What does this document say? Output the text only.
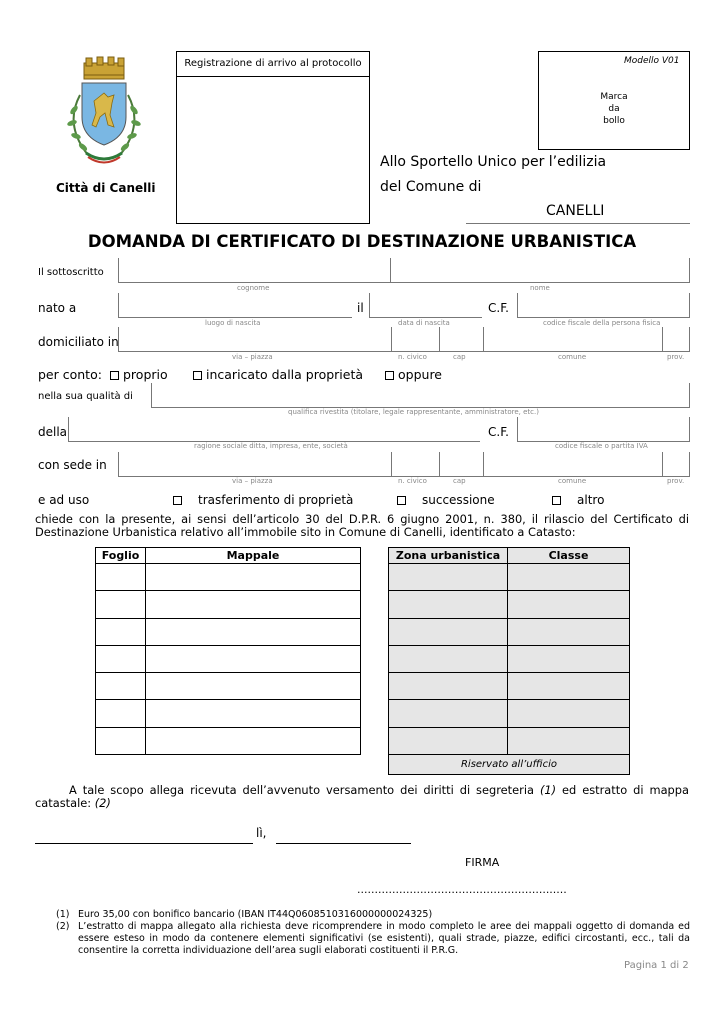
Città di Canelli
Registrazione di arrivo al protocollo	Modello V01
Marca
da
bollo
Allo Sportello Unico per l’edilizia
del Comune di
CANELLI
DOMANDA DI CERTIFICATO DI DESTINAZIONE URBANISTICA
Il sottoscritto
cognome	nome
nato a	il	C.F.
luogo di nascita	data di nascita	codice fiscale della persona fisica
domiciliato in
via – piazza	n. civico	cap	comune	prov.
per conto:	proprio	incaricato dalla proprietà	oppure
nella sua qualità di
qualifica rivestita (titolare, legale rappresentante, amministratore, etc.)
della	C.F.
ragione sociale ditta, impresa, ente, società	codice fiscale o partita IVA
con sede in
via – piazza	n. civico	cap	comune	prov.
e ad uso	trasferimento di proprietà	successione	altro
chiede con la presente, ai sensi dell’articolo 30 del D.P.R. 6 giugno 2001, n. 380, il rilascio del Certificato di Destinazione Urbanistica relativo all’immobile sito in Comune di Canelli, identificato a Catasto:
Foglio	Mappale

		Zona urbanistica	Classe

Riservato all’ufficio	
A tale scopo allega ricevuta dell’avvenuto versamento dei diritti di segreteria (1) ed estratto di mappa catastale: (2)
lì,
FIRMA
............................................................
(1) Euro 35,00 con bonifico bancario (IBAN IT44Q0608510316000000024325)
(2) L’estratto di mappa allegato alla richiesta deve ricomprendere in modo completo le aree dei mappali oggetto di domanda ed essere esteso in modo da contenere elementi significativi (se esistenti), quali strade, piazze, edifici circostanti, ecc., tali da consentire la corretta individuazione dell’area sugli elaborati costituenti il P.R.G.
Pagina 1 di 2
